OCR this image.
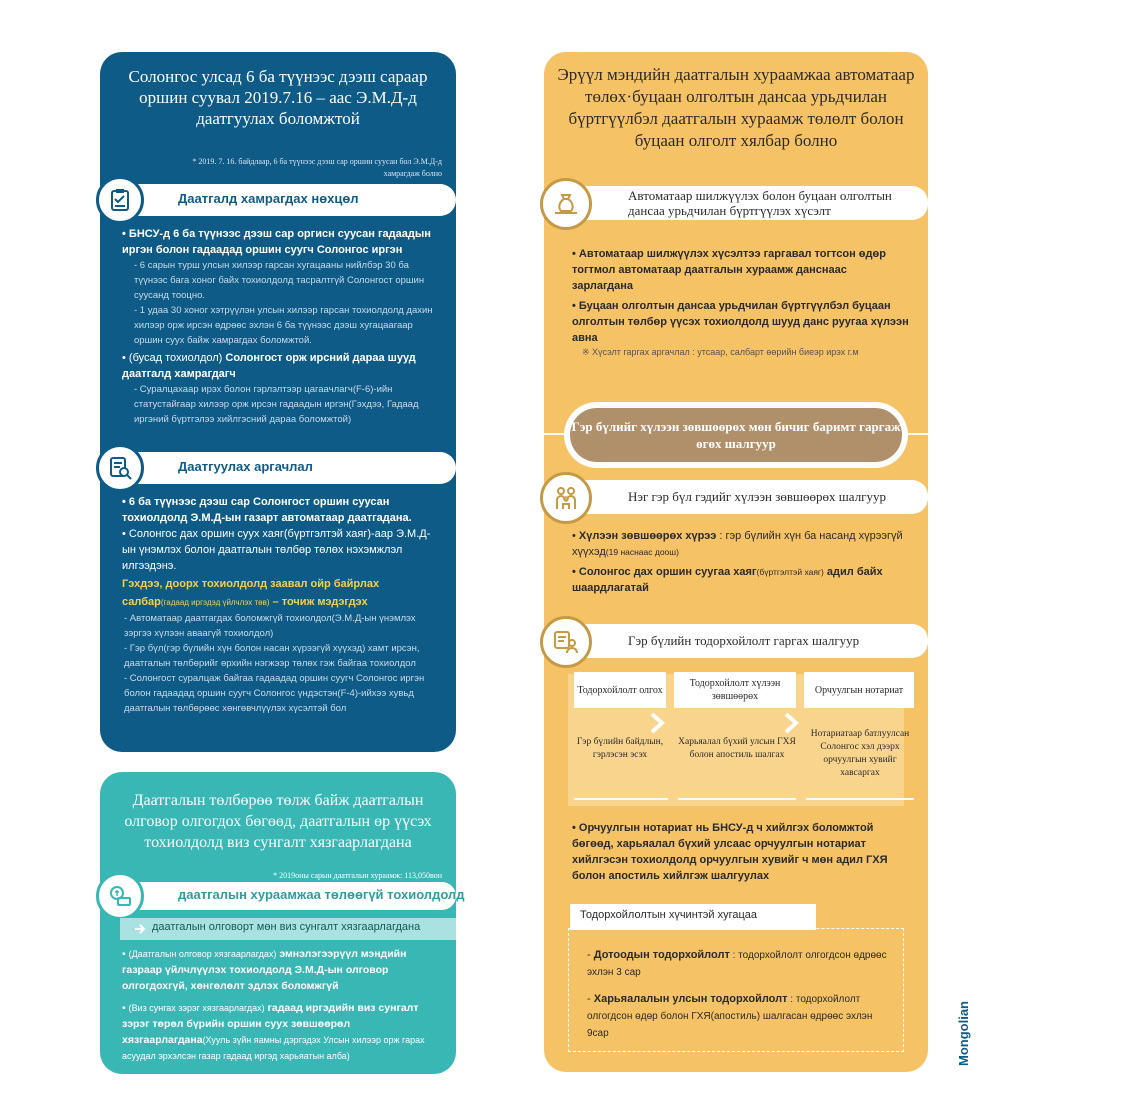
Солонгос улсад 6 ба түүнээс дээш сараар оршин суувал 2019.7.16 – аас Э.М.Д-д даатгуулах боломжтой
* 2019. 7. 16. байдлаар, 6 ба түүнээс дээш сар оршин суусан бол Э.М.Д-д хамрагдаж болно
Даатгалд хамрагдах нөхцөл
• БНСУ-д 6 ба түүнээс дээш сар оргисн суусан гадаадын иргэн болон гадаадад оршин суугч Солонгос иргэн
- 6 сарын турш улсын хилээр гарсан хугацааны нийлбэр 30 ба түүнээс бага хоног байх тохиолдолд тасралтгүй Солонгост оршин суусанд тооцно.
- 1 удаа 30 хоног хэтрүүлэн улсын хилээр гарсан тохиолдолд дахин хилээр орж ирсэн өдрөөс эхлэн 6 ба түүнээс дээш хугацаагаар оршин суух байж хамрагдах боломжтой.
• (бусад тохиолдол) Солонгост орж ирсний дараа шууд даатгалд хамрагдагч
- Суралцахаар ирэх болон гэрлэлтээр цагаачлагч(F-6)-ийн статустайгаар хилээр орж ирсэн гадаадын иргэн(Гэхдээ, Гадаад иргэний бүртгэлээ хийлгэсний дараа боломжтой)
Даатгуулах аргачлал
• 6 ба түүнээс дээш сар Солонгост оршин суусан тохиолдолд Э.М.Д-ын газарт автоматаар даатгадана.
• Солонгос дах оршин суух хаяг(бүртгэлтэй хаяг)-аар Э.М.Д-ын үнэмлэх болон даатгалын төлбөр төлөх нэхэмжлэл илгээдэнэ.
Гэхдээ, доорх тохиолдолд заавал ойр байрлах салбар(гадаад иргэдэд үйлчлэх төв) – точиж мэдэгдэх
- Автоматаар даатгагдах боломжгүй тохиолдол(Э.М.Д-ын үнэмлэх зэргээ хүлээн аваагүй тохиолдол)
- Гэр бүл(гэр бүлийн хүн болон насан хүрээгүй хүүхэд) хамт ирсэн, даатгалын төлбөрийг өрхийн нэгжээр төлөх гэж байгаа тохиолдол
- Солонгост суралцаж байгаа гадаадад оршин суугч Солонгос иргэн болон гадаадад оршин суугч Солонгос үндэстэн(F-4)-ийхээ хувьд даатгалын төлбөрөөс хөнгөвчлүүлэх хүсэлтэй бол
Даатгалын төлбөрөө төлж байж даатгалын олговор олгогдох бөгөөд, даатгалын өр үүсэх тохиолдолд виз сунгалт хязгаарлагдана
* 2019оны сарын даатгалын хураамж: 113,050вон
даатгалын хураамжаа төлөөгүй тохиолдолд
даатгалын олговорт мөн виз сунгалт хязгаарлагдана
• (Даатгалын олговор хязгаарлагдах) эмнэлэгээрүүл мэндийн газраар үйлчлүүлэх тохиолдолд Э.М.Д-ын олговор олгогдохгүй, хөнгөлөлт эдлэх боломжгүй
• (Виз сунгах зэрэг хязгаарлагдах) гадаад иргэдийн виз сунгалт зэрэг төрөл бүрийн оршин суух зөвшөөрөл хязгаарлагдана(Хууль зүйн яамны дэргэдэх Улсын хилээр орж гарах асуудал эрхэлсэн газар гадаад иргэд харьяатын алба)
Эрүүл мэндийн даатгалын хураамжаа автоматаар төлөх·буцаан олголтын дансаа урьдчилан бүртгүүлбэл даатгалын хураамж төлөлт болон буцаан олголт хялбар болно
Автоматаар шилжүүлэх болон буцаан олголтын дансаа урьдчилан бүртгүүлэх хүсэлт
• Автоматаар шилжүүлэх хүсэлтээ гаргавал тогтсон өдөр тогтмол автоматаар даатгалын хураамж данснаас зарлагдана
• Буцаан олголтын дансаа урьдчилан бүртгүүлбэл буцаан олголтын төлбөр үүсэх тохиолдолд шууд данс руугаа хүлээн авна
※ Хүсэлт гаргах аргачлал : утсаар, салбарт өөрийн биеэр ирэх г.м
Нэг гэр бүл гэдийг хүлээн зөвшөөрөх шалгуур
• Хүлээн зөвшөөрөх хүрээ : гэр бүлийн хүн ба насанд хүрээгүй хүүхэд(19 наснаас доош)
• Солонгос дах оршин суугаа хаяг(бүртгэлтэй хаяг) адил байх шаардлагатай
Гэр бүлийн тодорхойлолт гаргах шалгуур
Тодорхойлолт олгох
Тодорхойлолт хүлээн зөвшөөрөх
Орчуулгын нотариат
Гэр бүлийн байдлын, гэрлэсэн эсэх
Харьяалал бүхий улсын ГХЯ болон апостиль шалгах
Нотариатаар батлуулсан Солонгос хэл дээрх орчуулгын хувийг хавсаргах
• Орчуулгын нотариат нь БНСУ-д ч хийлгэх боломжтой бөгөөд, харьяалал бүхий улсаас орчуулгын нотариат хийлгэсэн тохиолдолд орчуулгын хувийг ч мөн адил ГХЯ болон апостиль хийлгэж шалгуулах
Гэр бүлийг хүлээн зөвшөөрөх мөн бичиг баримт гаргаж өгөх шалгуур
- Дотоодын тодорхойлолт : тодорхойлолт олгогдсон өдрөөс эхлэн 3 сар
- Харьяалалын улсын тодорхойлолт : тодорхойлолт олгогдсон өдөр болон ГХЯ(апостиль) шалгасан өдрөөс эхлэн 9сар
Тодорхойлолтын хүчинтэй хугацаа
Mongolian
